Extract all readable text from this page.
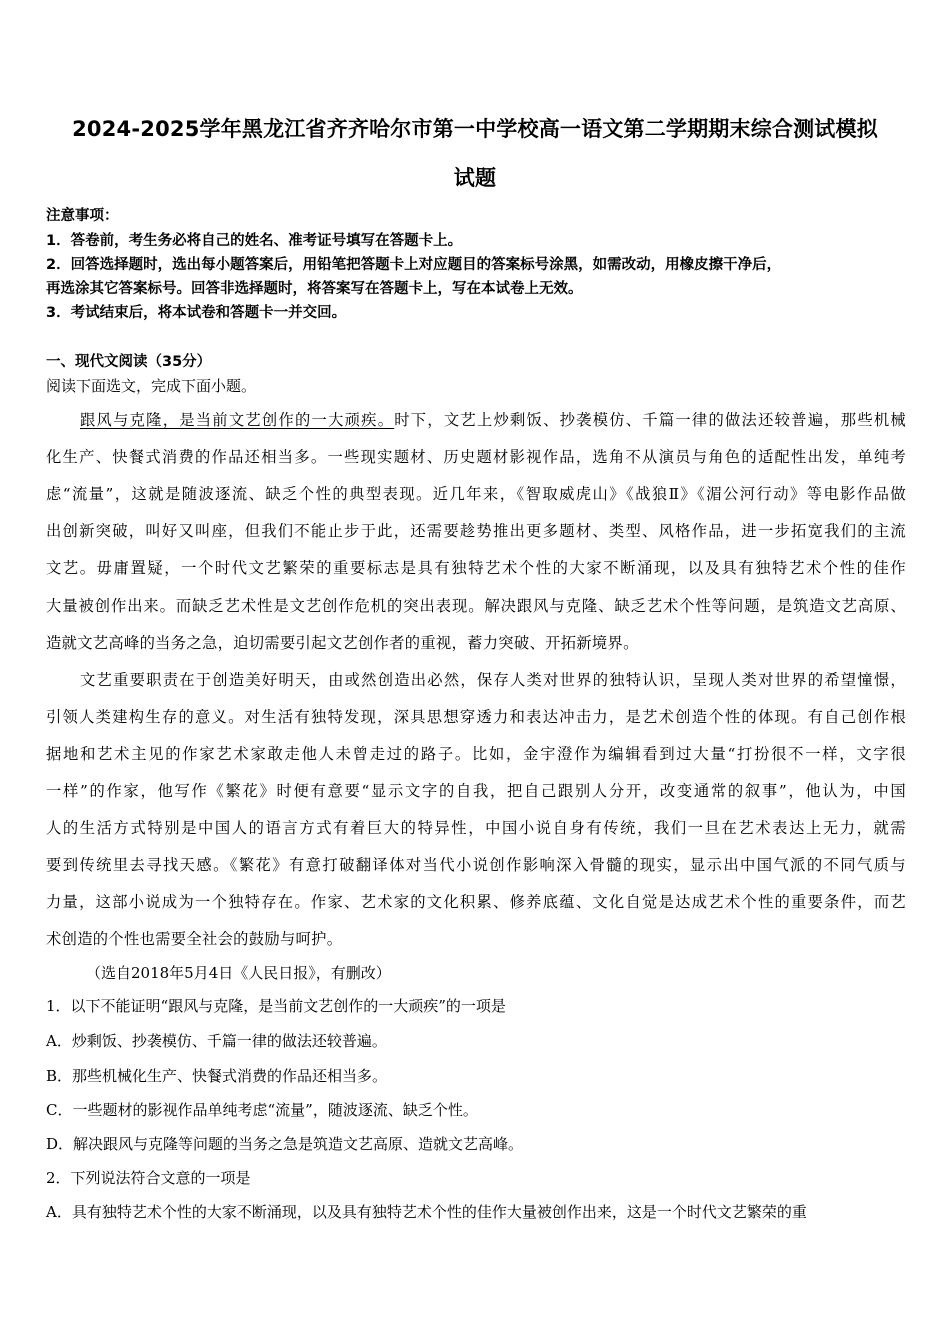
2024-2025学年黑龙江省齐齐哈尔市第一中学校高一语文第二学期期末综合测试模拟
试题
注意事项：
1．答卷前，考生务必将自己的姓名、准考证号填写在答题卡上。
2．回答选择题时，选出每小题答案后，用铅笔把答题卡上对应题目的答案标号涂黑，如需改动，用橡皮擦干净后，
再选涂其它答案标号。回答非选择题时，将答案写在答题卡上，写在本试卷上无效。
3．考试结束后，将本试卷和答题卡一并交回。
一、现代文阅读（35分）
阅读下面选文，完成下面小题。
跟风与克隆，是当前文艺创作的一大顽疾。时下，文艺上炒剩饭、抄袭模仿、千篇一律的做法还较普遍，那些机械
化生产、快餐式消费的作品还相当多。一些现实题材、历史题材影视作品，选角不从演员与角色的适配性出发，单纯考
虑“流量”，这就是随波逐流、缺乏个性的典型表现。近几年来，《智取威虎山》《战狼Ⅱ》《湄公河行动》等电影作品做
出创新突破，叫好又叫座，但我们不能止步于此，还需要趁势推出更多题材、类型、风格作品，进一步拓宽我们的主流
文艺。毋庸置疑，一个时代文艺繁荣的重要标志是具有独特艺术个性的大家不断涌现，以及具有独特艺术个性的佳作
大量被创作出来。而缺乏艺术性是文艺创作危机的突出表现。解决跟风与克隆、缺乏艺术个性等问题，是筑造文艺高原、
造就文艺高峰的当务之急，迫切需要引起文艺创作者的重视，蓄力突破、开拓新境界。
文艺重要职责在于创造美好明天，由或然创造出必然，保存人类对世界的独特认识，呈现人类对世界的希望憧憬，
引领人类建构生存的意义。对生活有独特发现，深具思想穿透力和表达冲击力，是艺术创造个性的体现。有自己创作根
据地和艺术主见的作家艺术家敢走他人未曾走过的路子。比如，金宇澄作为编辑看到过大量“打扮很不一样，文字很
一样”的作家，他写作《繁花》时便有意要“显示文字的自我，把自己跟别人分开，改变通常的叙事”，他认为，中国
人的生活方式特别是中国人的语言方式有着巨大的特异性，中国小说自身有传统，我们一旦在艺术表达上无力，就需
要到传统里去寻找天感。《繁花》有意打破翻译体对当代小说创作影响深入骨髓的现实，显示出中国气派的不同气质与
力量，这部小说成为一个独特存在。作家、艺术家的文化积累、修养底蕴、文化自觉是达成艺术个性的重要条件，而艺
术创造的个性也需要全社会的鼓励与呵护。
（选自2018年5月4日《人民日报》，有删改）
1．以下不能证明“跟风与克隆，是当前文艺创作的一大顽疾”的一项是
A．炒剩饭、抄袭模仿、千篇一律的做法还较普遍。
B．那些机械化生产、快餐式消费的作品还相当多。
C．一些题材的影视作品单纯考虑“流量”，随波逐流、缺乏个性。
D．解决跟风与克隆等问题的当务之急是筑造文艺高原、造就文艺高峰。
2．下列说法符合文意的一项是
A．具有独特艺术个性的大家不断涌现，以及具有独特艺术个性的佳作大量被创作出来，这是一个时代文艺繁荣的重
